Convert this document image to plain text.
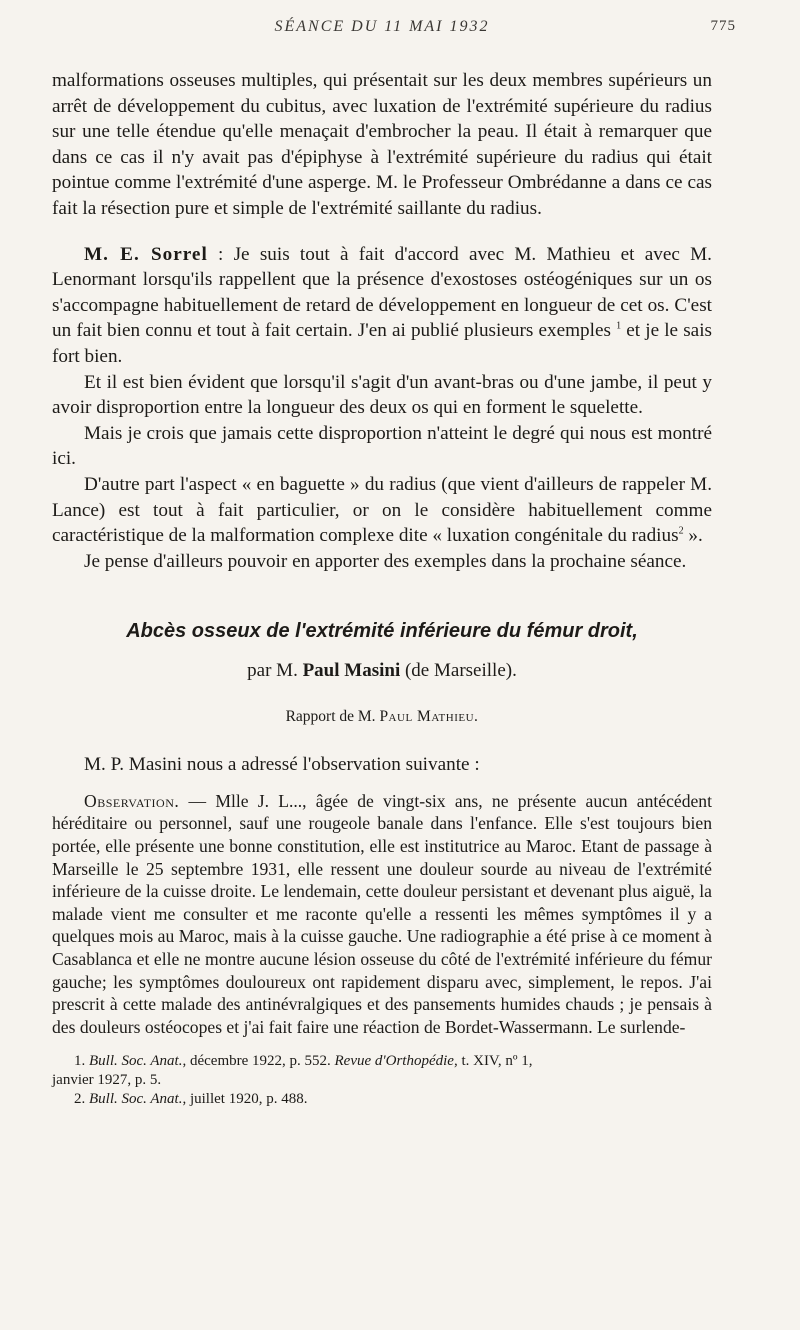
SÉANCE DU 11 MAI 1932	775

malformations osseuses multiples, qui présentait sur les deux membres supérieurs un arrêt de développement du cubitus, avec luxation de l'extrémité supérieure du radius sur une telle étendue qu'elle menaçait d'embrocher la peau. Il était à remarquer que dans ce cas il n'y avait pas d'épiphyse à l'extrémité supérieure du radius qui était pointue comme l'extrémité d'une asperge. M. le Professeur Ombrédanne a dans ce cas fait la résection pure et simple de l'extrémité saillante du radius.

M. E. Sorrel : Je suis tout à fait d'accord avec M. Mathieu et avec M. Lenormant lorsqu'ils rappellent que la présence d'exostoses ostéogéniques sur un os s'accompagne habituellement de retard de développement en longueur de cet os. C'est un fait bien connu et tout à fait certain. J'en ai publié plusieurs exemples $^1$ et je le sais fort bien.

Et il est bien évident que lorsqu'il s'agit d'un avant-bras ou d'une jambe, il peut y avoir disproportion entre la longueur des deux os qui en forment le squelette.

Mais je crois que jamais cette disproportion n'atteint le degré qui nous est montré ici.

D'autre part l'aspect « en baguette » du radius (que vient d'ailleurs de rappeler M. Lance) est tout à fait particulier, or on le considère habituellement comme caractéristique de la malformation complexe dite « luxation congénitale du radius$^2$ ».

Je pense d'ailleurs pouvoir en apporter des exemples dans la prochaine séance.

Abcès osseux de l'extrémité inférieure du fémur droit,
par M. Paul Masini (de Marseille).
Rapport de M. Paul Mathieu.

M. P. Masini nous a adressé l'observation suivante :

Observation. — Mlle J. L..., âgée de vingt-six ans, ne présente aucun antécédent héréditaire ou personnel, sauf une rougeole banale dans l'enfance. Elle s'est toujours bien portée, elle présente une bonne constitution, elle est institutrice au Maroc. Etant de passage à Marseille le 25 septembre 1931, elle ressent une douleur sourde au niveau de l'extrémité inférieure de la cuisse droite. Le lendemain, cette douleur persistant et devenant plus aiguë, la malade vient me consulter et me raconte qu'elle a ressenti les mêmes symptômes il y a quelques mois au Maroc, mais à la cuisse gauche. Une radiographie a été prise à ce moment à Casablanca et elle ne montre aucune lésion osseuse du côté de l'extrémité inférieure du fémur gauche; les symptômes douloureux ont rapidement disparu avec, simplement, le repos. J'ai prescrit à cette malade des antinévralgiques et des pansements humides chauds ; je pensais à des douleurs ostéocopes et j'ai fait faire une réaction de Bordet-Wassermann. Le surlende-

1. Bull. Soc. Anat., décembre 1922, p. 552. Revue d'Orthopédie, t. XIV, nº 1,
janvier 1927, p. 5.
2. Bull. Soc. Anat., juillet 1920, p. 488.
